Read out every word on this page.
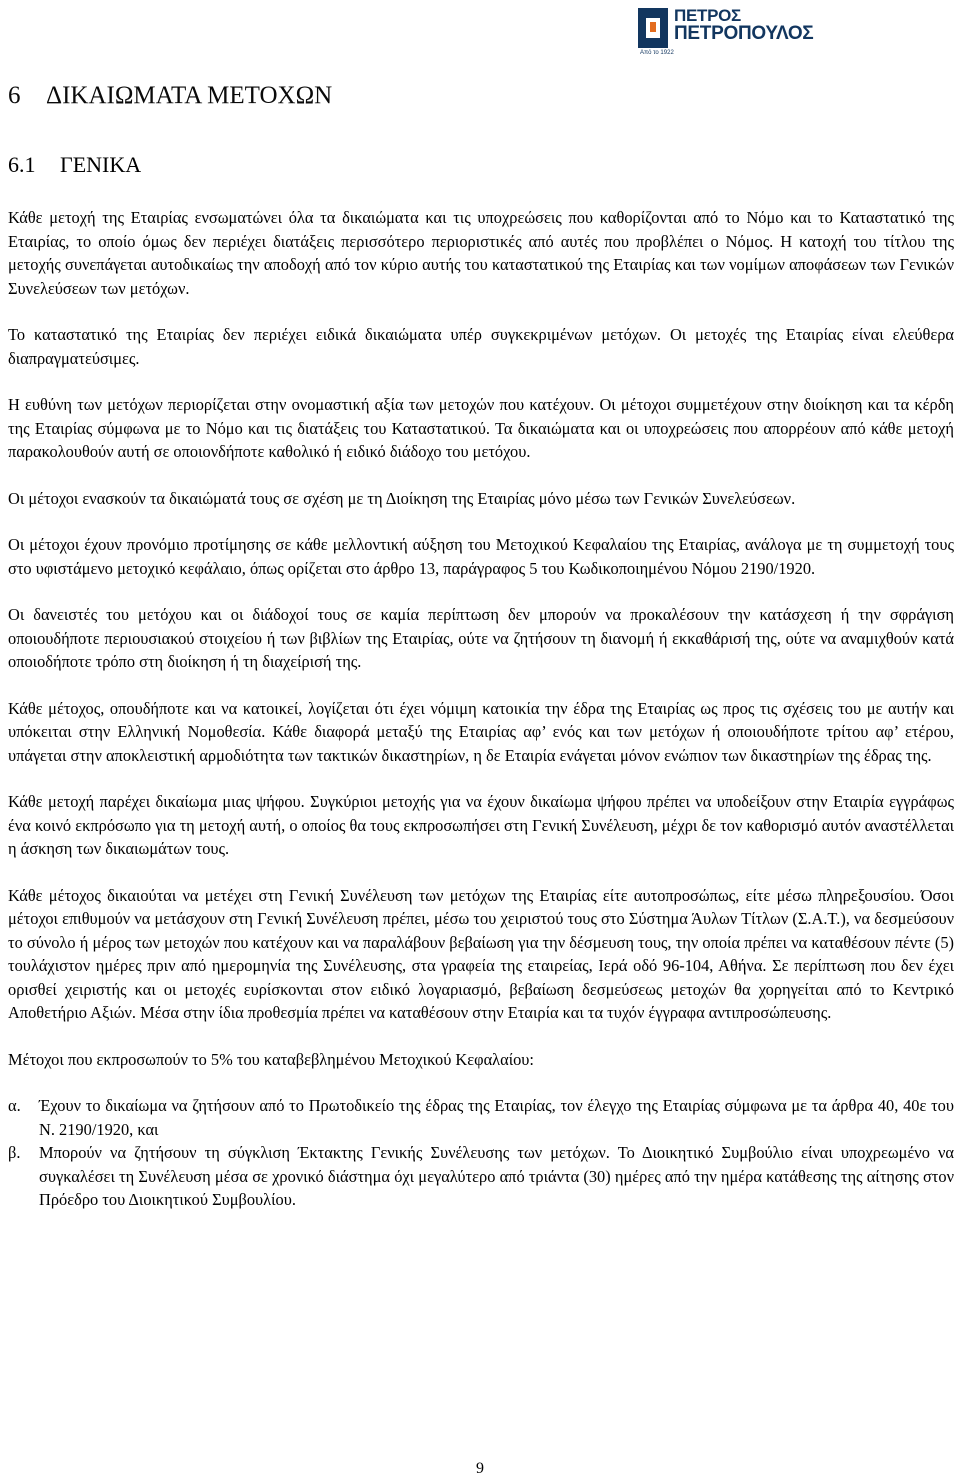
ΠΕΤΡΟΣ
ΠΕΤΡΟΠΟΥΛΟΣ
Από το 1922
6 ΔΙΚΑΙΩΜΑΤΑ ΜΕΤΟΧΩΝ
6.1 ΓΕΝΙΚΑ

Κάθε μετοχή της Εταιρίας ενσωματώνει όλα τα δικαιώματα και τις υποχρεώσεις που καθορίζονται από το Νόμο και το Καταστατικό της Εταιρίας, το οποίο όμως δεν περιέχει διατάξεις περισσότερο περιοριστικές από αυτές που προβλέπει ο Νόμος. Η κατοχή του τίτλου της μετοχής συνεπάγεται αυτοδικαίως την αποδοχή από τον κύριο αυτής του καταστατικού της Εταιρίας και των νομίμων αποφάσεων των Γενικών Συνελεύσεων των μετόχων.

Το καταστατικό της Εταιρίας δεν περιέχει ειδικά δικαιώματα υπέρ συγκεκριμένων μετόχων. Οι μετοχές της Εταιρίας είναι ελεύθερα διαπραγματεύσιμες.

Η ευθύνη των μετόχων περιορίζεται στην ονομαστική αξία των μετοχών που κατέχουν. Οι μέτοχοι συμμετέχουν στην διοίκηση και τα κέρδη της Εταιρίας σύμφωνα με το Νόμο και τις διατάξεις του Καταστατικού. Τα δικαιώματα και οι υποχρεώσεις που απορρέουν από κάθε μετοχή παρακολουθούν αυτή σε οποιονδήποτε καθολικό ή ειδικό διάδοχο του μετόχου.

Οι μέτοχοι ενασκούν τα δικαιώματά τους σε σχέση με τη Διοίκηση της Εταιρίας μόνο μέσω των Γενικών Συνελεύσεων.

Οι μέτοχοι έχουν προνόμιο προτίμησης σε κάθε μελλοντική αύξηση του Μετοχικού Κεφαλαίου της Εταιρίας, ανάλογα με τη συμμετοχή τους στο υφιστάμενο μετοχικό κεφάλαιο, όπως ορίζεται στο άρθρο 13, παράγραφος 5 του Κωδικοποιημένου Νόμου 2190/1920.

Οι δανειστές του μετόχου και οι διάδοχοί τους σε καμία περίπτωση δεν μπορούν να προκαλέσουν την κατάσχεση ή την σφράγιση οποιουδήποτε περιουσιακού στοιχείου ή των βιβλίων της Εταιρίας, ούτε να ζητήσουν τη διανομή ή εκκαθάρισή της, ούτε να αναμιχθούν κατά οποιοδήποτε τρόπο στη διοίκηση ή τη διαχείρισή της.

Κάθε μέτοχος, οπουδήποτε και να κατοικεί, λογίζεται ότι έχει νόμιμη κατοικία την έδρα της Εταιρίας ως προς τις σχέσεις του με αυτήν και υπόκειται στην Ελληνική Νομοθεσία. Κάθε διαφορά μεταξύ της Εταιρίας αφ’ ενός και των μετόχων ή οποιουδήποτε τρίτου αφ’ ετέρου, υπάγεται στην αποκλειστική αρμοδιότητα των τακτικών δικαστηρίων, η δε Εταιρία ενάγεται μόνον ενώπιον των δικαστηρίων της έδρας της.

Κάθε μετοχή παρέχει δικαίωμα μιας ψήφου. Συγκύριοι μετοχής για να έχουν δικαίωμα ψήφου πρέπει να υποδείξουν στην Εταιρία εγγράφως ένα κοινό εκπρόσωπο για τη μετοχή αυτή, ο οποίος θα τους εκπροσωπήσει στη Γενική Συνέλευση, μέχρι δε τον καθορισμό αυτόν αναστέλλεται η άσκηση των δικαιωμάτων τους.

Κάθε μέτοχος δικαιούται να μετέχει στη Γενική Συνέλευση των μετόχων της Εταιρίας είτε αυτοπροσώπως, είτε μέσω πληρεξουσίου. Όσοι μέτοχοι επιθυμούν να μετάσχουν στη Γενική Συνέλευση πρέπει, μέσω του χειριστού τους στο Σύστημα Άυλων Τίτλων (Σ.Α.Τ.), να δεσμεύσουν το σύνολο ή μέρος των μετοχών που κατέχουν και να παραλάβουν βεβαίωση για την δέσμευση τους, την οποία πρέπει να καταθέσουν πέντε (5) τουλάχιστον ημέρες πριν από ημερομηνία της Συνέλευσης, στα γραφεία της εταιρείας, Ιερά οδό 96-104, Αθήνα. Σε περίπτωση που δεν έχει ορισθεί χειριστής και οι μετοχές ευρίσκονται στον ειδικό λογαριασμό, βεβαίωση δεσμεύσεως μετοχών θα χορηγείται από το Κεντρικό Αποθετήριο Αξιών. Μέσα στην ίδια προθεσμία πρέπει να καταθέσουν στην Εταιρία και τα τυχόν έγγραφα αντιπροσώπευσης.

Μέτοχοι που εκπροσωπούν το 5% του καταβεβλημένου Μετοχικού Κεφαλαίου:

α.	Έχουν το δικαίωμα να ζητήσουν από το Πρωτοδικείο της έδρας της Εταιρίας, τον έλεγχο της Εταιρίας σύμφωνα με τα άρθρα 40, 40ε του Ν. 2190/1920, και
β.	Μπορούν να ζητήσουν τη σύγκλιση Έκτακτης Γενικής Συνέλευσης των μετόχων. Το Διοικητικό Συμβούλιο είναι υποχρεωμένο να συγκαλέσει τη Συνέλευση μέσα σε χρονικό διάστημα όχι μεγαλύτερο από τριάντα (30) ημέρες από την ημέρα κατάθεσης της αίτησης στον Πρόεδρο του Διοικητικού Συμβουλίου.
9
